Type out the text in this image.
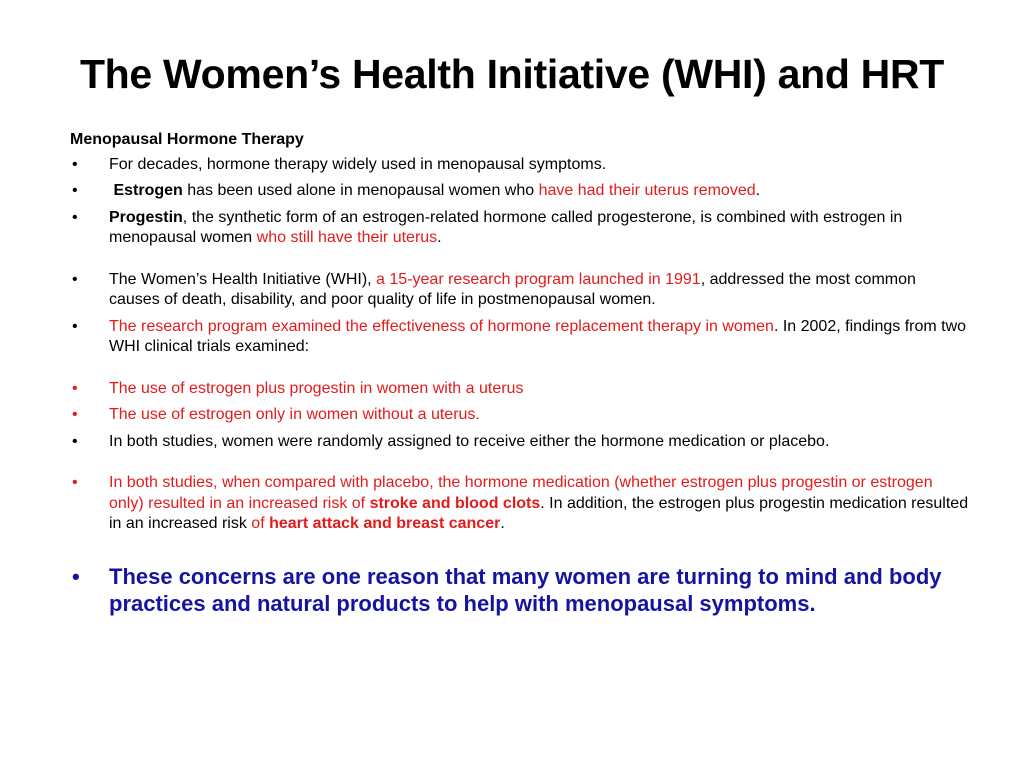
The Women’s Health Initiative (WHI) and HRT
Menopausal Hormone Therapy
• For decades, hormone therapy widely used in menopausal symptoms.
• Estrogen has been used alone in menopausal women who have had their uterus removed.
• Progestin, the synthetic form of an estrogen-related hormone called progesterone, is combined with estrogen in menopausal women who still have their uterus.
• The Women’s Health Initiative (WHI), a 15-year research program launched in 1991, addressed the most common causes of death, disability, and poor quality of life in postmenopausal women.
• The research program examined the effectiveness of hormone replacement therapy in women. In 2002, findings from two WHI clinical trials examined:
• The use of estrogen plus progestin in women with a uterus
• The use of estrogen only in women without a uterus.
• In both studies, women were randomly assigned to receive either the hormone medication or placebo.
• In both studies, when compared with placebo, the hormone medication (whether estrogen plus progestin or estrogen only) resulted in an increased risk of stroke and blood clots. In addition, the estrogen plus progestin medication resulted in an increased risk of heart attack and breast cancer.
• These concerns are one reason that many women are turning to mind and body practices and natural products to help with menopausal symptoms.
